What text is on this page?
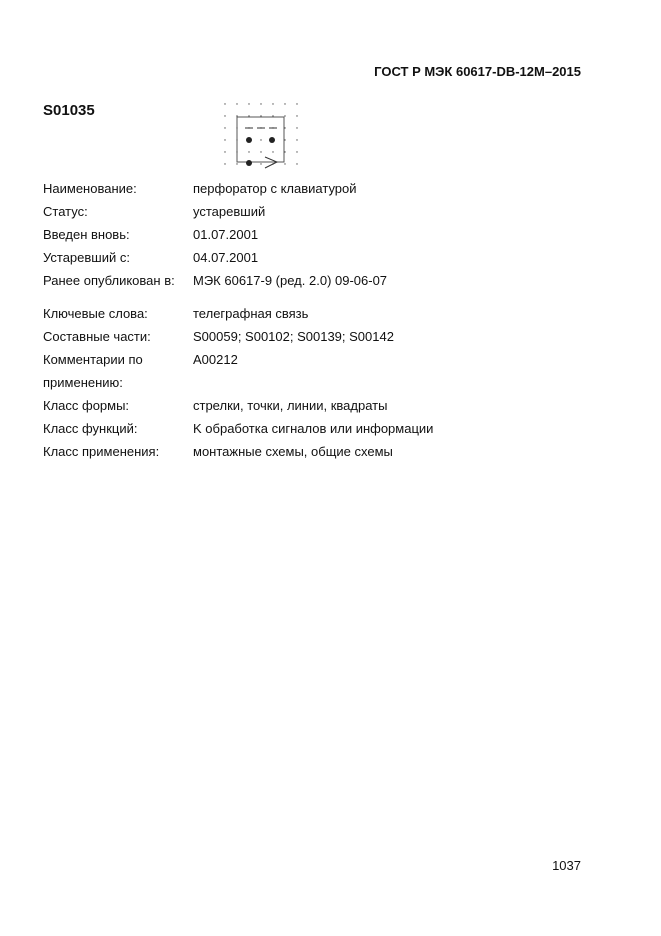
ГОСТ Р МЭК 60617-DB-12M–2015
S01035
Наименование:	перфоратор с клавиатурой
Статус:	устаревший
Введен вновь:	01.07.2001
Устаревший с:	04.07.2001
Ранее опубликован в:	МЭК 60617-9 (ред. 2.0) 09-06-07
Ключевые слова:	телеграфная связь
Составные части:	S00059; S00102; S00139; S00142
Комментарии по	A00212
применению:
Класс формы:	стрелки, точки, линии, квадраты
Класс функций:	K обработка сигналов или информации
Класс применения:	монтажные схемы, общие схемы
1037
